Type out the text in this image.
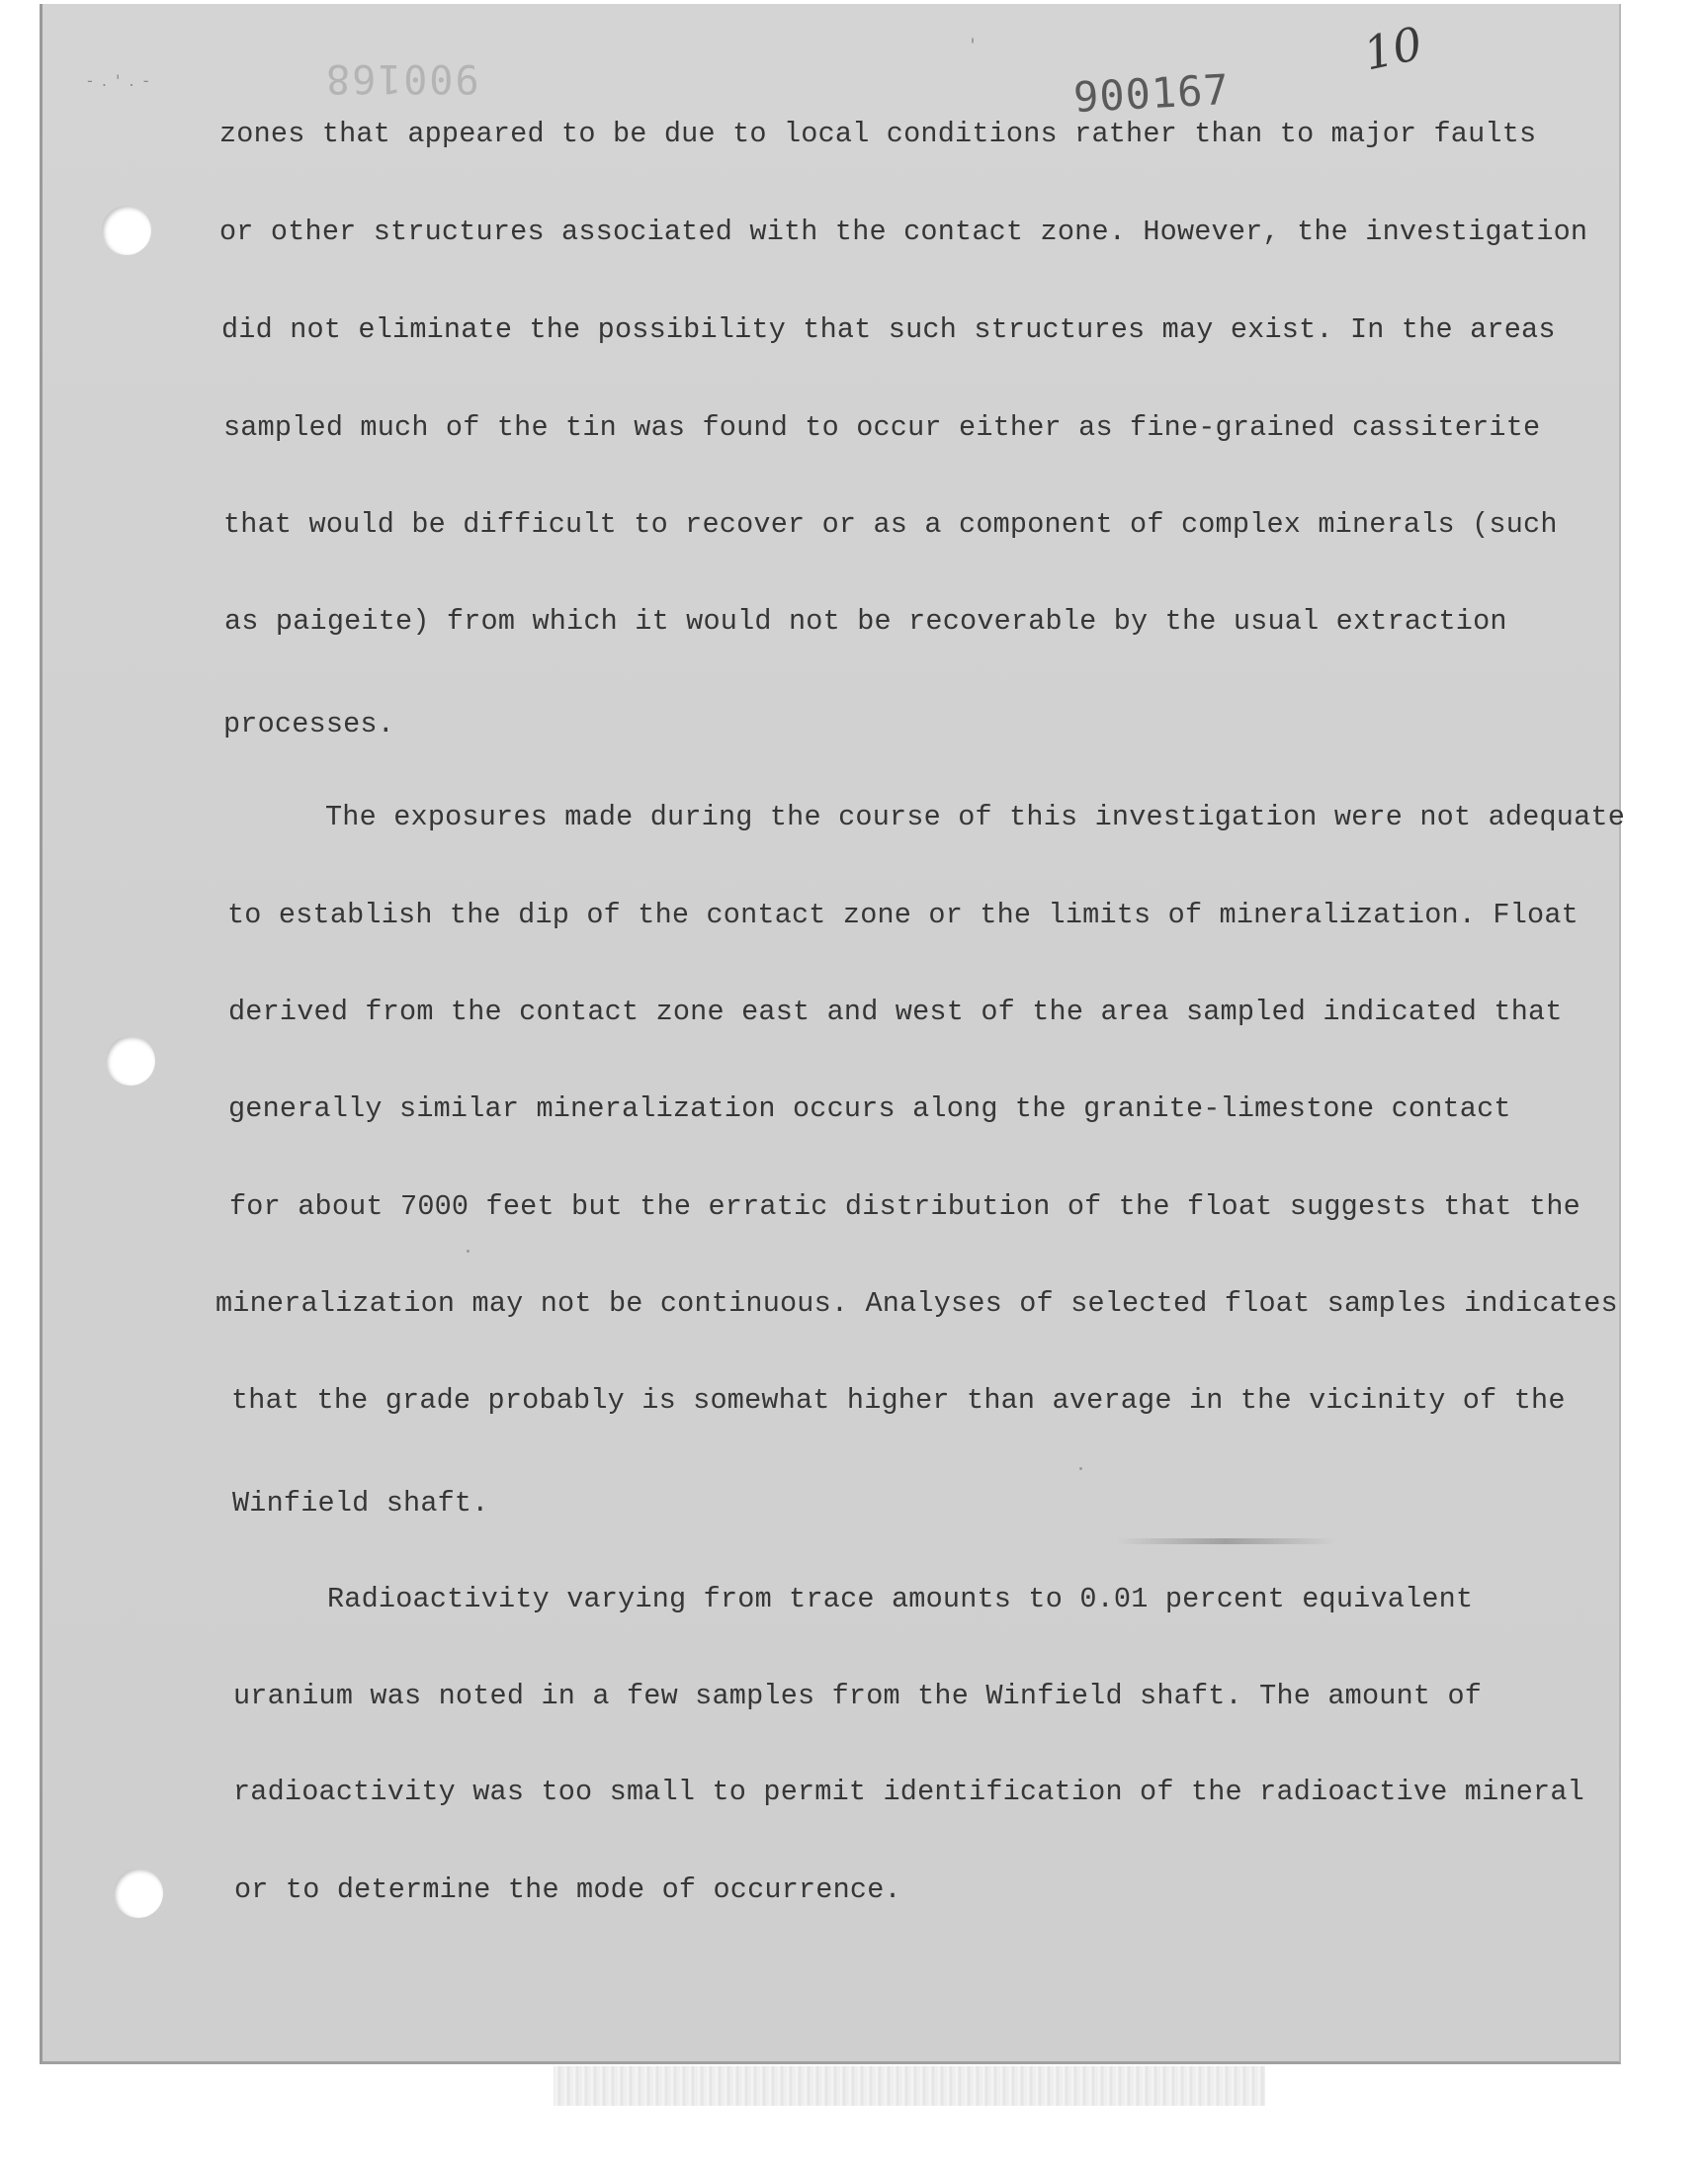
- . ' . -	900168	900167
10
zones that appeared to be due to local conditions rather than to major faults
or other structures associated with the contact zone. However, the investigation
did not eliminate the possibility that such structures may exist. In the areas
sampled much of the tin was found to occur either as fine-grained cassiterite
that would be difficult to recover or as a component of complex minerals (such
as paigeite) from which it would not be recoverable by the usual extraction
processes.
The exposures made during the course of this investigation were not adequate
to establish the dip of the contact zone or the limits of mineralization. Float
derived from the contact zone east and west of the area sampled indicated that
generally similar mineralization occurs along the granite-limestone contact
for about 7000 feet but the erratic distribution of the float suggests that the
mineralization may not be continuous. Analyses of selected float samples indicates
that the grade probably is somewhat higher than average in the vicinity of the
Winfield shaft.
Radioactivity varying from trace amounts to 0.01 percent equivalent
uranium was noted in a few samples from the Winfield shaft. The amount of
radioactivity was too small to permit identification of the radioactive mineral
or to determine the mode of occurrence.
